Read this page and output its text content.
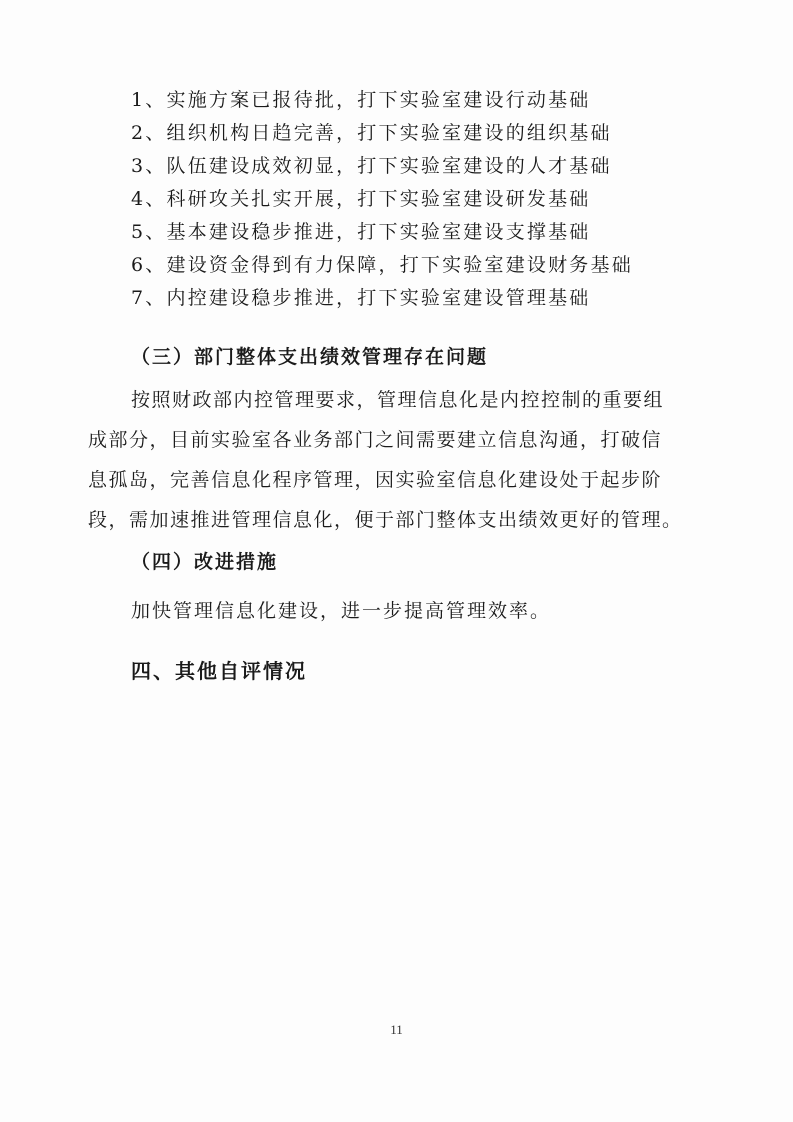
1、实施方案已报待批，打下实验室建设行动基础
2、组织机构日趋完善，打下实验室建设的组织基础
3、队伍建设成效初显，打下实验室建设的人才基础
4、科研攻关扎实开展，打下实验室建设研发基础
5、基本建设稳步推进，打下实验室建设支撑基础
6、建设资金得到有力保障，打下实验室建设财务基础
7、内控建设稳步推进，打下实验室建设管理基础
（三）部门整体支出绩效管理存在问题
按照财政部内控管理要求，管理信息化是内控控制的重要组
成部分，目前实验室各业务部门之间需要建立信息沟通，打破信
息孤岛，完善信息化程序管理，因实验室信息化建设处于起步阶
段，需加速推进管理信息化，便于部门整体支出绩效更好的管理。
（四）改进措施
加快管理信息化建设，进一步提高管理效率。
四、其他自评情况
11
